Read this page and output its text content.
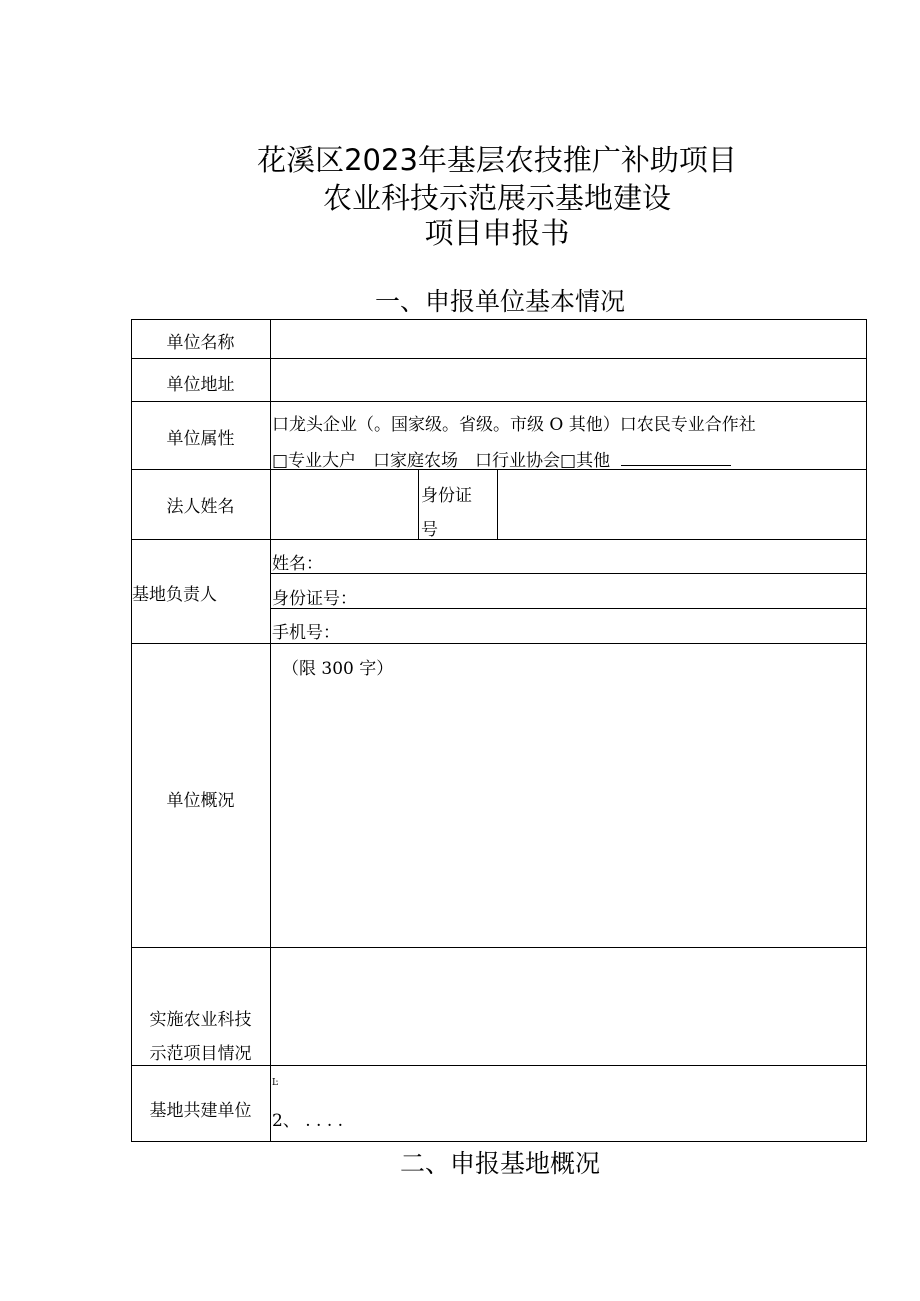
花溪区2023年基层农技推广补助项目
农业科技示范展示基地建设
项目申报书
一、申报单位基本情况
单位名称
单位地址
单位属性
口龙头企业（。国家级。省级。市级 O 其他）口农民专业合作社
□专业大户　口家庭农场　口行业协会□其他
法人姓名
身份证
号
基地负责人
姓名：
身份证号：
手机号：
单位概况
（限 300 字）
实施农业科技
示范项目情况
基地共建单位
Ŀ
2、 . . . .
二、申报基地概况
